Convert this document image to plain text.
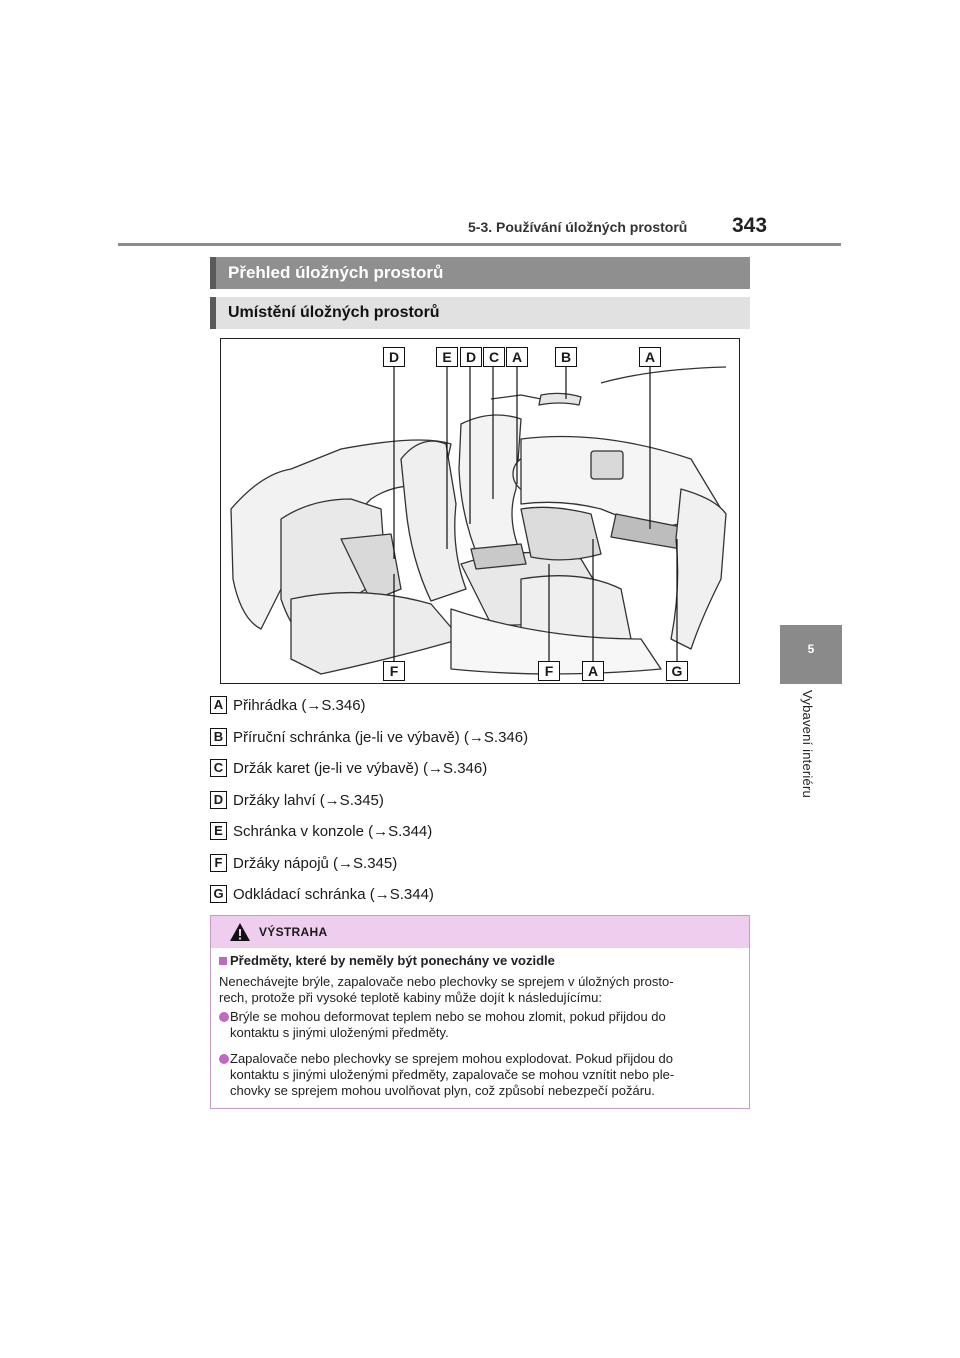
5-3. Používání úložných prostorů 343
5
Vybavení interiéru
Přehled úložných prostorů
Umístění úložných prostorů
D	E	D C A	B	A
F	F	A	G
A Přihrádka (→S.346)
B Příruční schránka (je-li ve výbavě) (→S.346)
C Držák karet (je-li ve výbavě) (→S.346)
D Držáky lahví (→S.345)
E Schránka v konzole (→S.344)
F Držáky nápojů (→S.345)
G Odkládací schránka (→S.344)
VÝSTRAHA
Předměty, které by neměly být ponechány ve vozidle
Nenechávejte brýle, zapalovače nebo plechovky se sprejem v úložných prosto-
rech, protože při vysoké teplotě kabiny může dojít k následujícímu:
Brýle se mohou deformovat teplem nebo se mohou zlomit, pokud přijdou do
kontaktu s jinými uloženými předměty.
Zapalovače nebo plechovky se sprejem mohou explodovat. Pokud přijdou do
kontaktu s jinými uloženými předměty, zapalovače se mohou vznítit nebo ple-
chovky se sprejem mohou uvolňovat plyn, což způsobí nebezpečí požáru.
